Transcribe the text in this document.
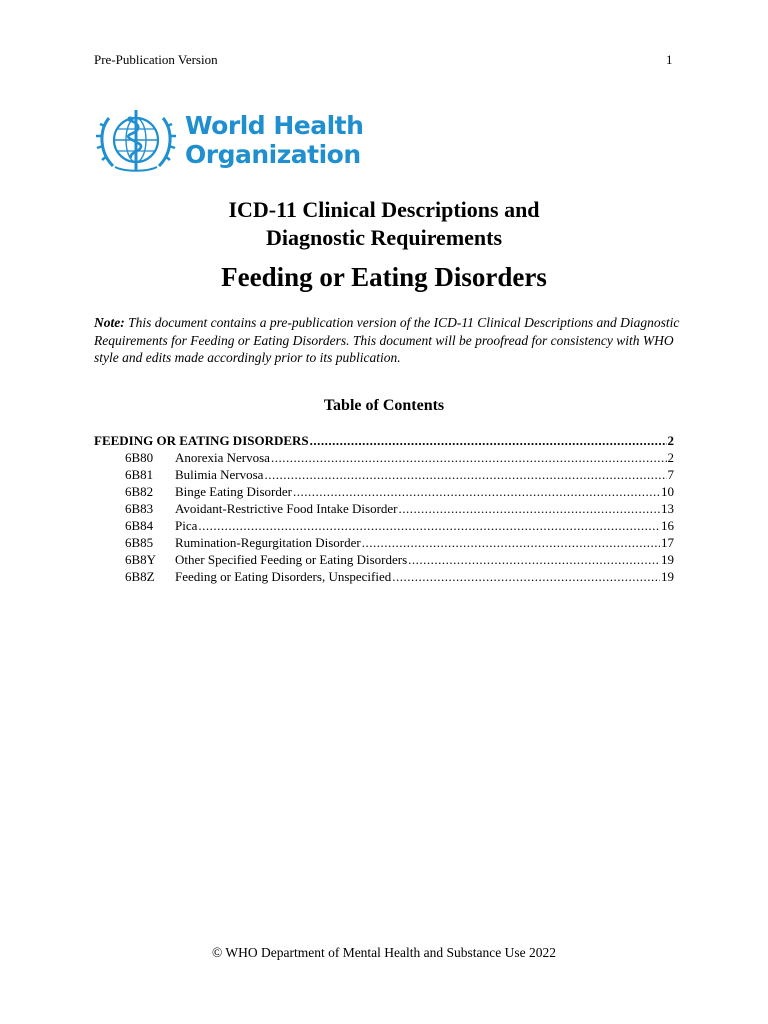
Pre-Publication Version	1
World Health
Organization
ICD-11 Clinical Descriptions and
Diagnostic Requirements
Feeding or Eating Disorders
Note: This document contains a pre-publication version of the ICD-11 Clinical Descriptions and Diagnostic Requirements for Feeding or Eating Disorders. This document will be proofread for consistency with WHO style and edits made accordingly prior to its publication.
Table of Contents
FEEDING OR EATING DISORDERS .....	2
6B80	Anorexia Nervosa .....	2
6B81	Bulimia Nervosa .....	7
6B82	Binge Eating Disorder .....	10
6B83	Avoidant-Restrictive Food Intake Disorder .....	13
6B84	Pica .....	16
6B85	Rumination-Regurgitation Disorder .....	17
6B8Y	Other Specified Feeding or Eating Disorders .....	19
6B8Z	Feeding or Eating Disorders, Unspecified .....	19
© WHO Department of Mental Health and Substance Use 2022
